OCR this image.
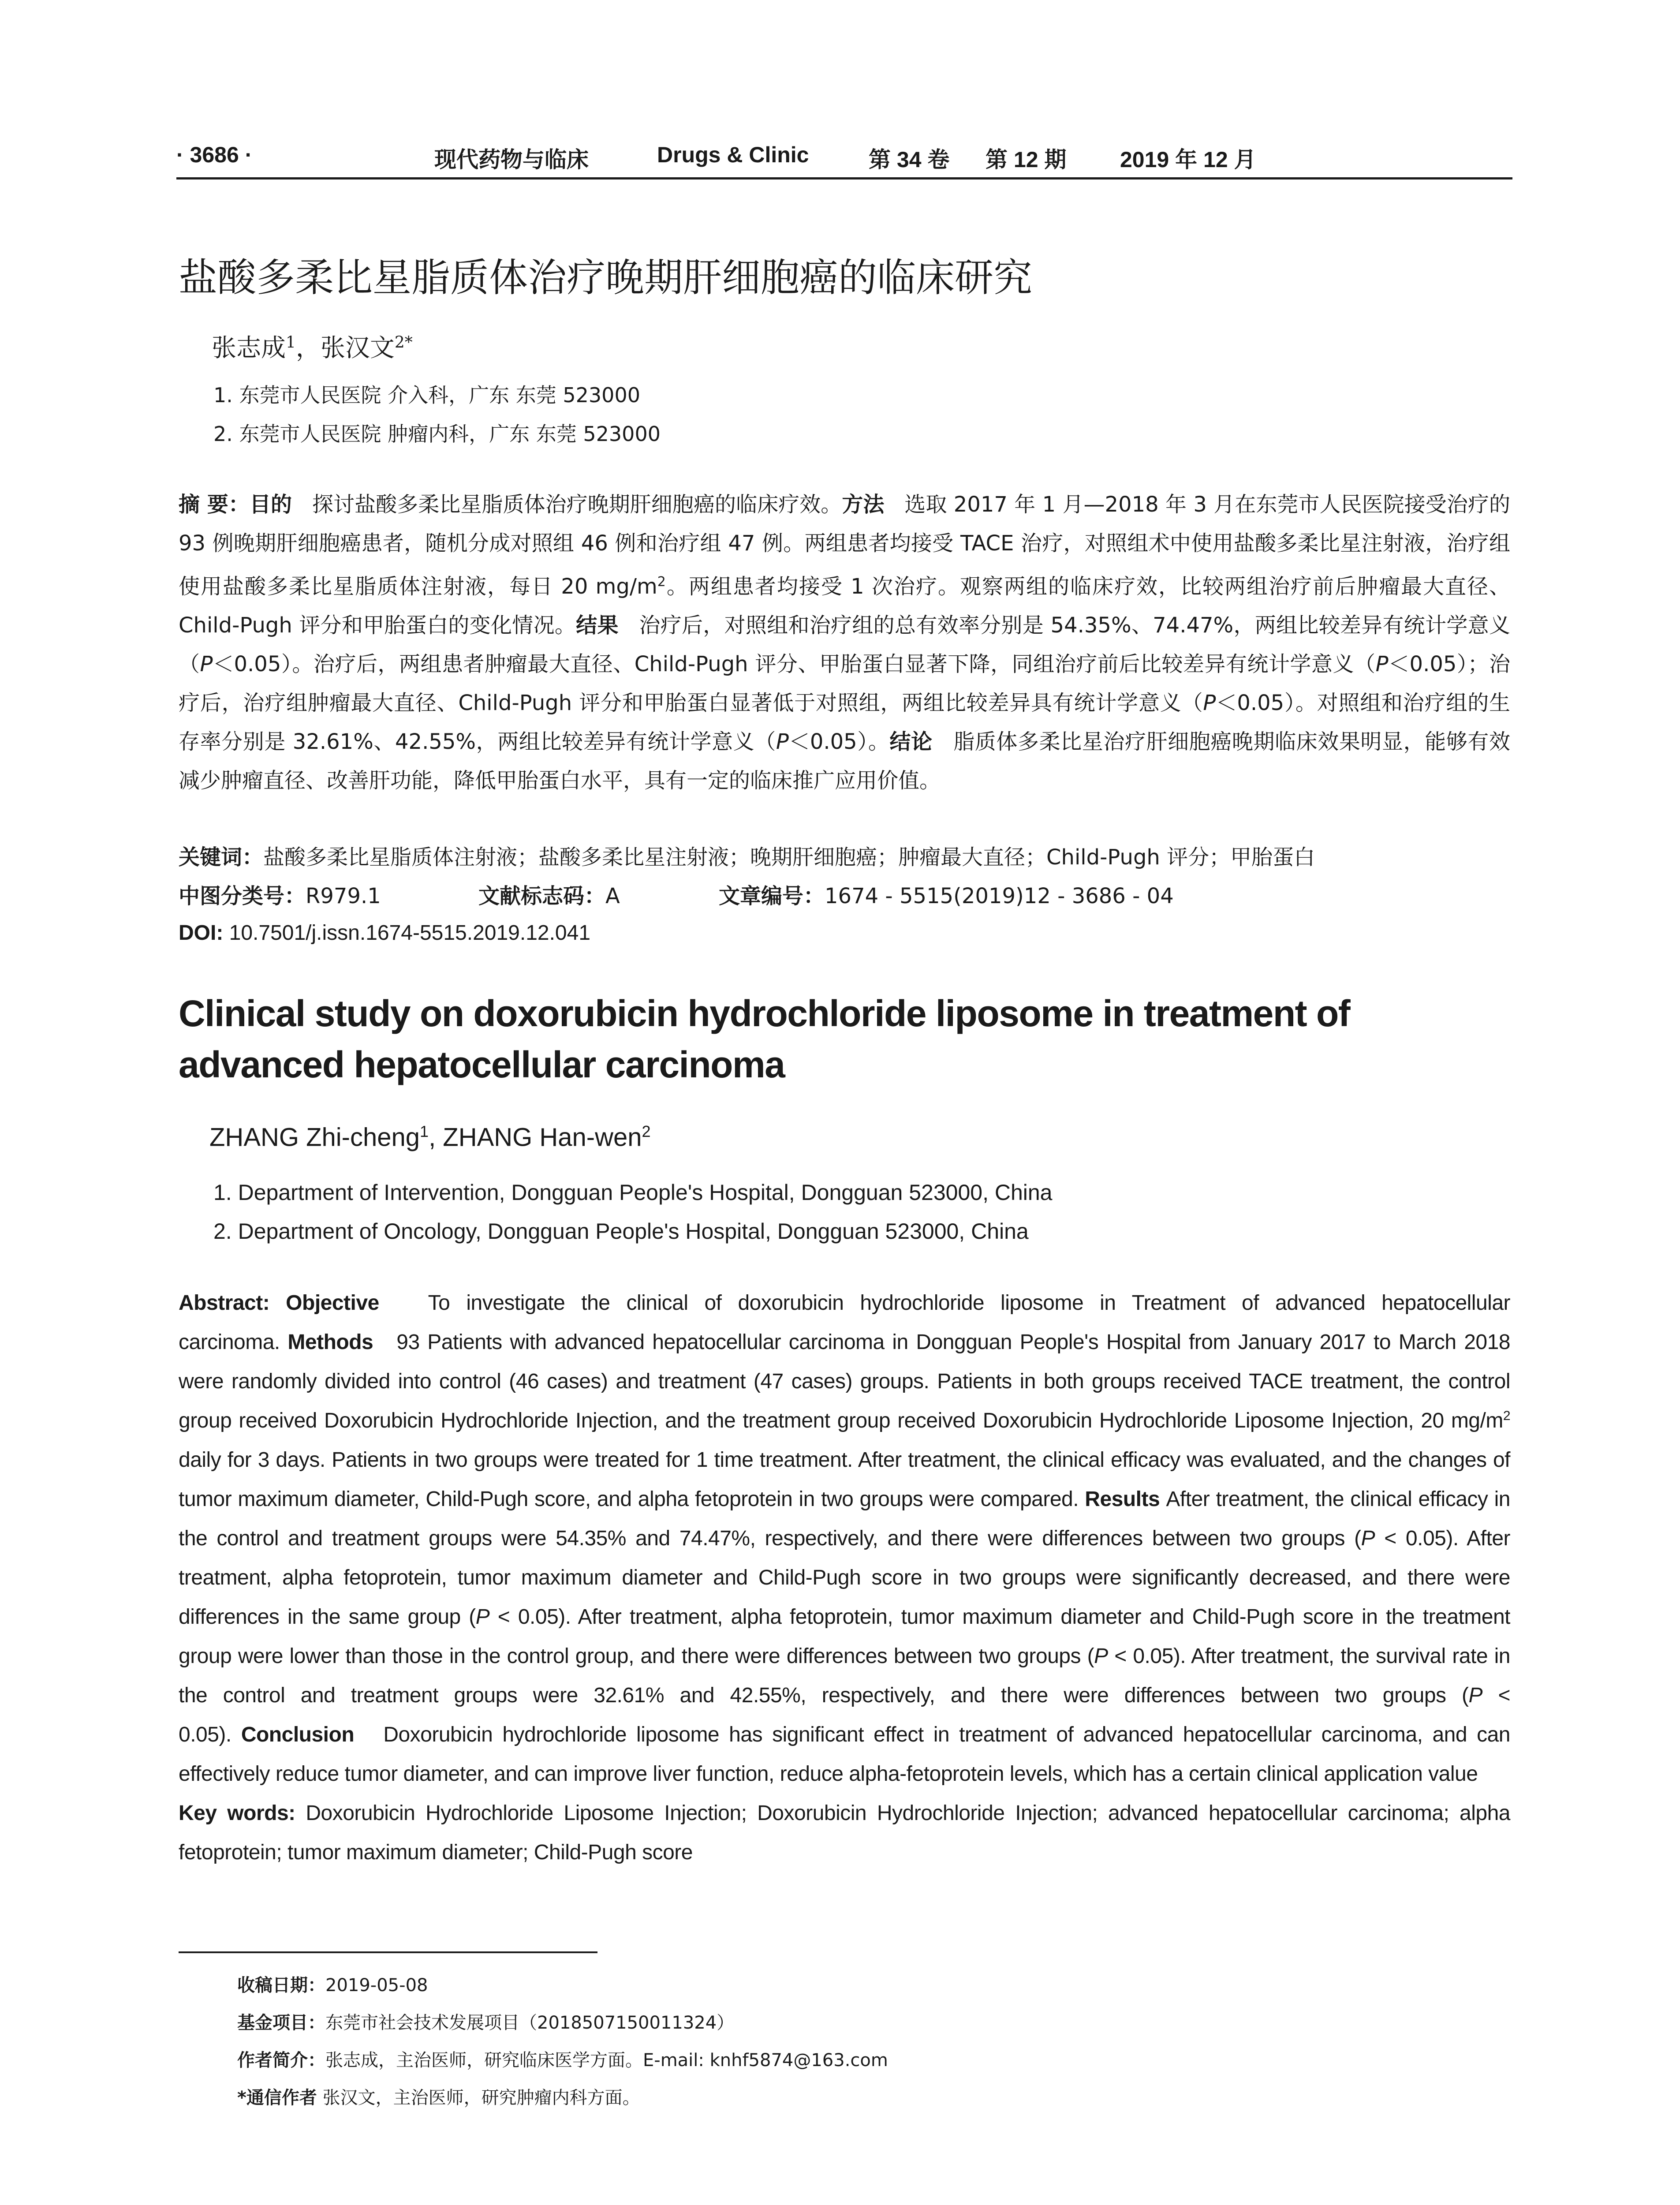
· 3686 ·	现代药物与临床	Drugs & Clinic	第 34 卷 第 12 期 2019 年 12 月
盐酸多柔比星脂质体治疗晚期肝细胞癌的临床研究
张志成$^1$，张汉文$^{2*}$
1. 东莞市人民医院 介入科，广东 东莞 523000
2. 东莞市人民医院 肿瘤内科，广东 东莞 523000
摘 要：目的 探讨盐酸多柔比星脂质体治疗晚期肝细胞癌的临床疗效。方法 选取 2017 年 1 月—2018 年 3 月在东莞市人民医院接受治疗的 93 例晚期肝细胞癌患者，随机分成对照组 46 例和治疗组 47 例。两组患者均接受 TACE 治疗，对照组术中使用盐酸多柔比星注射液，治疗组使用盐酸多柔比星脂质体注射液，每日 20 $mg/m^2$。两组患者均接受 1 次治疗。观察两组的临床疗效，比较两组治疗前后肿瘤最大直径、Child-Pugh 评分和甲胎蛋白的变化情况。结果 治疗后，对照组和治疗组的总有效率分别是 54.35%、74.47%，两组比较差异有统计学意义（P＜0.05）。治疗后，两组患者肿瘤最大直径、Child-Pugh 评分、甲胎蛋白显著下降，同组治疗前后比较差异有统计学意义（P＜0.05）；治疗后，治疗组肿瘤最大直径、Child-Pugh 评分和甲胎蛋白显著低于对照组，两组比较差异具有统计学意义（P＜0.05）。对照组和治疗组的生存率分别是 32.61%、42.55%，两组比较差异有统计学意义（P＜0.05）。结论 脂质体多柔比星治疗肝细胞癌晚期临床效果明显，能够有效减少肿瘤直径、改善肝功能，降低甲胎蛋白水平，具有一定的临床推广应用价值。
关键词：盐酸多柔比星脂质体注射液；盐酸多柔比星注射液；晚期肝细胞癌；肿瘤最大直径；Child-Pugh 评分；甲胎蛋白
中图分类号：R979.1	文献标志码：A	文章编号：1674 - 5515(2019)12 - 3686 - 04
DOI: 10.7501/j.issn.1674-5515.2019.12.041
Clinical study on doxorubicin hydrochloride liposome in treatment of advanced hepatocellular carcinoma
ZHANG Zhi-cheng$^1$, ZHANG Han-wen$^2$
1. Department of Intervention, Dongguan People's Hospital, Dongguan 523000, China
2. Department of Oncology, Dongguan People's Hospital, Dongguan 523000, China
Abstract: Objective To investigate the clinical of doxorubicin hydrochloride liposome in Treatment of advanced hepatocellular carcinoma. Methods 93 Patients with advanced hepatocellular carcinoma in Dongguan People's Hospital from January 2017 to March 2018 were randomly divided into control (46 cases) and treatment (47 cases) groups. Patients in both groups received TACE treatment, the control group received Doxorubicin Hydrochloride Injection, and the treatment group received Doxorubicin Hydrochloride Liposome Injection, 20 $mg/m^2$ daily for 3 days. Patients in two groups were treated for 1 time treatment. After treatment, the clinical efficacy was evaluated, and the changes of tumor maximum diameter, Child-Pugh score, and alpha fetoprotein in two groups were compared. Results After treatment, the clinical efficacy in the control and treatment groups were 54.35% and 74.47%, respectively, and there were differences between two groups (P < 0.05). After treatment, alpha fetoprotein, tumor maximum diameter and Child-Pugh score in two groups were significantly decreased, and there were differences in the same group (P < 0.05). After treatment, alpha fetoprotein, tumor maximum diameter and Child-Pugh score in the treatment group were lower than those in the control group, and there were differences between two groups (P < 0.05). After treatment, the survival rate in the control and treatment groups were 32.61% and 42.55%, respectively, and there were differences between two groups (P < 0.05). Conclusion Doxorubicin hydrochloride liposome has significant effect in treatment of advanced hepatocellular carcinoma, and can effectively reduce tumor diameter, and can improve liver function, reduce alpha-fetoprotein levels, which has a certain clinical application value
Key words: Doxorubicin Hydrochloride Liposome Injection; Doxorubicin Hydrochloride Injection; advanced hepatocellular carcinoma; alpha fetoprotein; tumor maximum diameter; Child-Pugh score
收稿日期：2019-05-08
基金项目：东莞市社会技术发展项目（2018507150011324）
作者简介：张志成，主治医师，研究临床医学方面。E-mail: knhf5874@163.com
*通信作者 张汉文，主治医师，研究肿瘤内科方面。
